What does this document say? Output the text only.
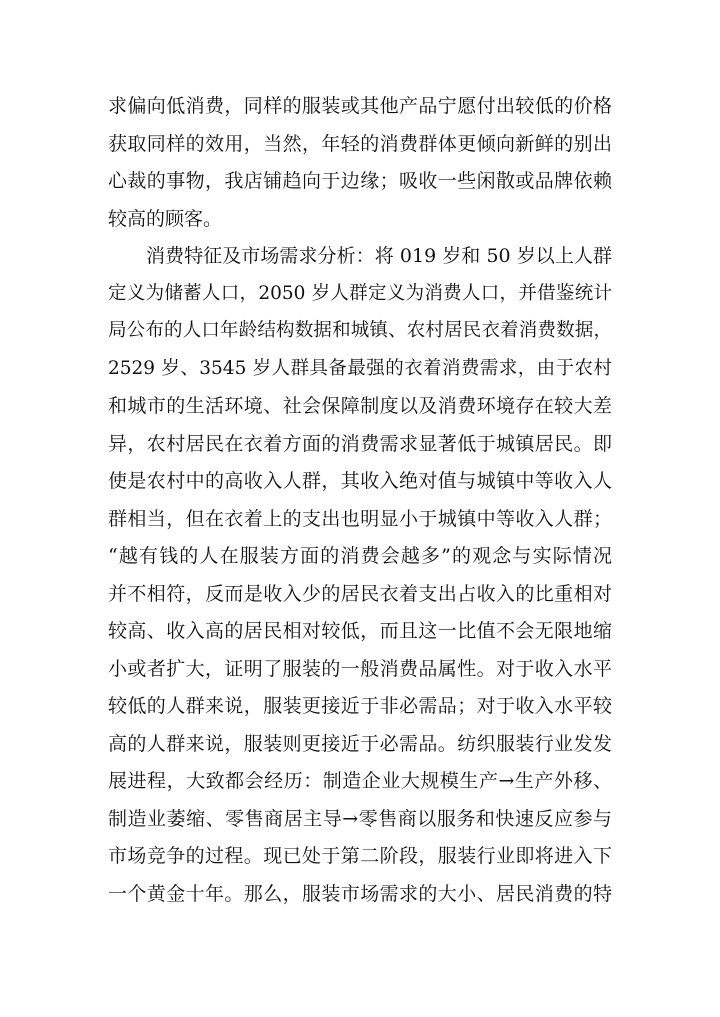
求偏向低消费，同样的服装或其他产品宁愿付出较低的价格
获取同样的效用，当然，年轻的消费群体更倾向新鲜的别出
心裁的事物，我店铺趋向于边缘；吸收一些闲散或品牌依赖
较高的顾客。
消费特征及市场需求分析：将 019 岁和 50 岁以上人群
定义为储蓄人口，2050 岁人群定义为消费人口，并借鉴统计
局公布的人口年龄结构数据和城镇、农村居民衣着消费数据，
2529 岁、3545 岁人群具备最强的衣着消费需求，由于农村
和城市的生活环境、社会保障制度以及消费环境存在较大差
异，农村居民在衣着方面的消费需求显著低于城镇居民。即
使是农村中的高收入人群，其收入绝对值与城镇中等收入人
群相当，但在衣着上的支出也明显小于城镇中等收入人群；
“越有钱的人在服装方面的消费会越多”的观念与实际情况
并不相符，反而是收入少的居民衣着支出占收入的比重相对
较高、收入高的居民相对较低，而且这一比值不会无限地缩
小或者扩大，证明了服装的一般消费品属性。对于收入水平
较低的人群来说，服装更接近于非必需品；对于收入水平较
高的人群来说，服装则更接近于必需品。纺织服装行业发发
展进程，大致都会经历：制造企业大规模生产→生产外移、
制造业萎缩、零售商居主导→零售商以服务和快速反应参与
市场竞争的过程。现已处于第二阶段，服装行业即将进入下
一个黄金十年。那么，服装市场需求的大小、居民消费的特
